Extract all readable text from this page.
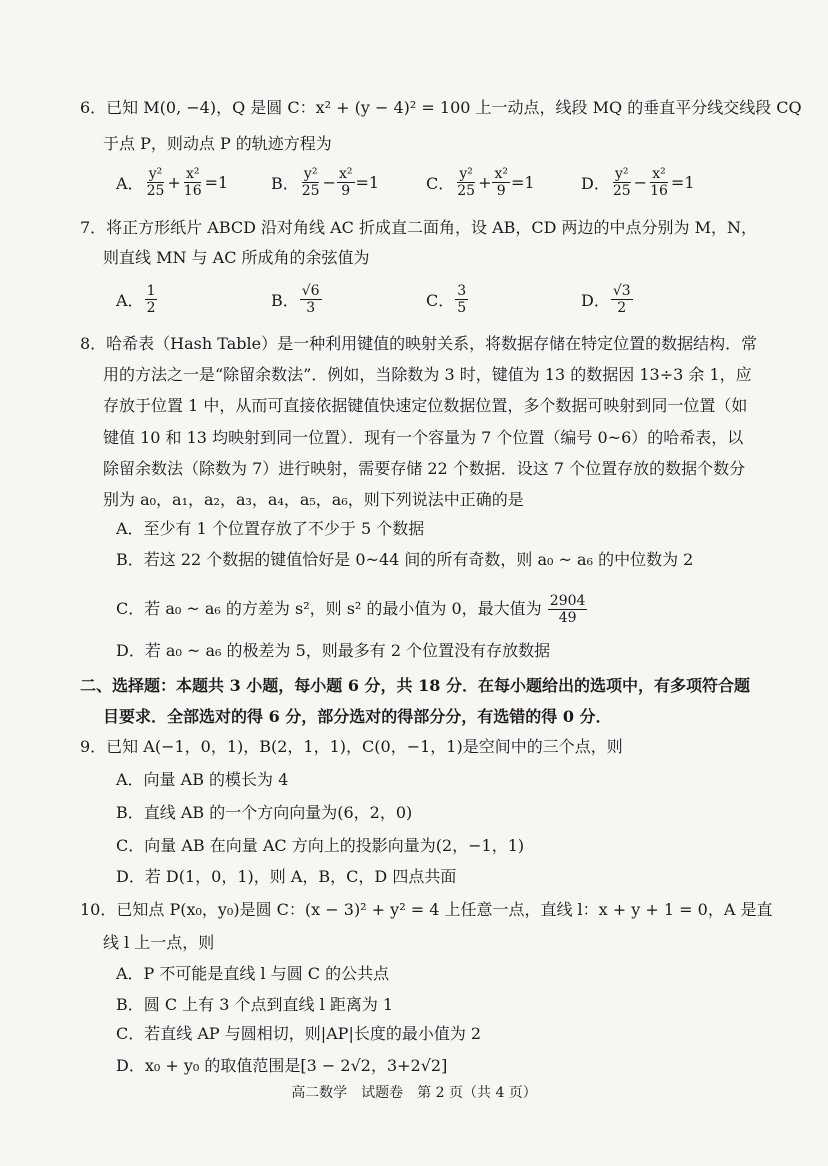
6．已知 M(0, −4)，Q 是圆 C：x² + (y − 4)² = 100 上一动点，线段 MQ 的垂直平分线交线段 CQ
于点 P，则动点 P 的轨迹方程为
A． $\frac{\text{y²}}{25} + \frac{\text{x²}}{16} =1$	B． $\frac{\text{y²}}{25} - \frac{\text{x²}}{9} =1$	C． $\frac{\text{y²}}{25} + \frac{\text{x²}}{9} =1$	D． $\frac{\text{y²}}{25} - \frac{\text{x²}}{16} =1$
7．将正方形纸片 ABCD 沿对角线 AC 折成直二面角，设 AB，CD 两边的中点分别为 M，N，
则直线 MN 与 AC 所成角的余弦值为
A． $\frac{1}{2}$	B． $\frac{√6}{3}$	C． $\frac{3}{5}$	D． $\frac{√3}{2}$
8．哈希表（Hash Table）是一种利用键值的映射关系，将数据存储在特定位置的数据结构．常
用的方法之一是“除留余数法”．例如，当除数为 3 时，键值为 13 的数据因 13÷3 余 1，应
存放于位置 1 中，从而可直接依据键值快速定位数据位置，多个数据可映射到同一位置（如
键值 10 和 13 均映射到同一位置）．现有一个容量为 7 个位置（编号 0~6）的哈希表，以
除留余数法（除数为 7）进行映射，需要存储 22 个数据．设这 7 个位置存放的数据个数分
别为 a₀，a₁，a₂，a₃，a₄，a₅，a₆，则下列说法中正确的是
A．至少有 1 个位置存放了不少于 5 个数据
B．若这 22 个数据的键值恰好是 0~44 间的所有奇数，则 a₀ ~ a₆ 的中位数为 2
C．若 a₀ ~ a₆ 的方差为 s²，则 s² 的最小值为 0，最大值为 $\frac{2904}{49}$
D．若 a₀ ~ a₆ 的极差为 5，则最多有 2 个位置没有存放数据
二、选择题：本题共 3 小题，每小题 6 分，共 18 分．在每小题给出的选项中，有多项符合题
目要求．全部选对的得 6 分，部分选对的得部分分，有选错的得 0 分．
9．已知 A(−1，0，1)，B(2，1，1)，C(0，−1，1)是空间中的三个点，则
A．向量 AB 的模长为 4
B．直线 AB 的一个方向向量为(6，2，0)
C．向量 AB 在向量 AC 方向上的投影向量为(2，−1，1)
D．若 D(1，0，1)，则 A，B，C，D 四点共面
10．已知点 P(x₀，y₀)是圆 C：(x − 3)² + y² = 4 上任意一点，直线 l：x + y + 1 = 0，A 是直
线 l 上一点，则
A．P 不可能是直线 l 与圆 C 的公共点
B．圆 C 上有 3 个点到直线 l 距离为 1
C．若直线 AP 与圆相切，则|AP|长度的最小值为 2
D．x₀ + y₀ 的取值范围是[3 − 2√2，3+2√2]
高二数学　试题卷　第 2 页（共 4 页）
